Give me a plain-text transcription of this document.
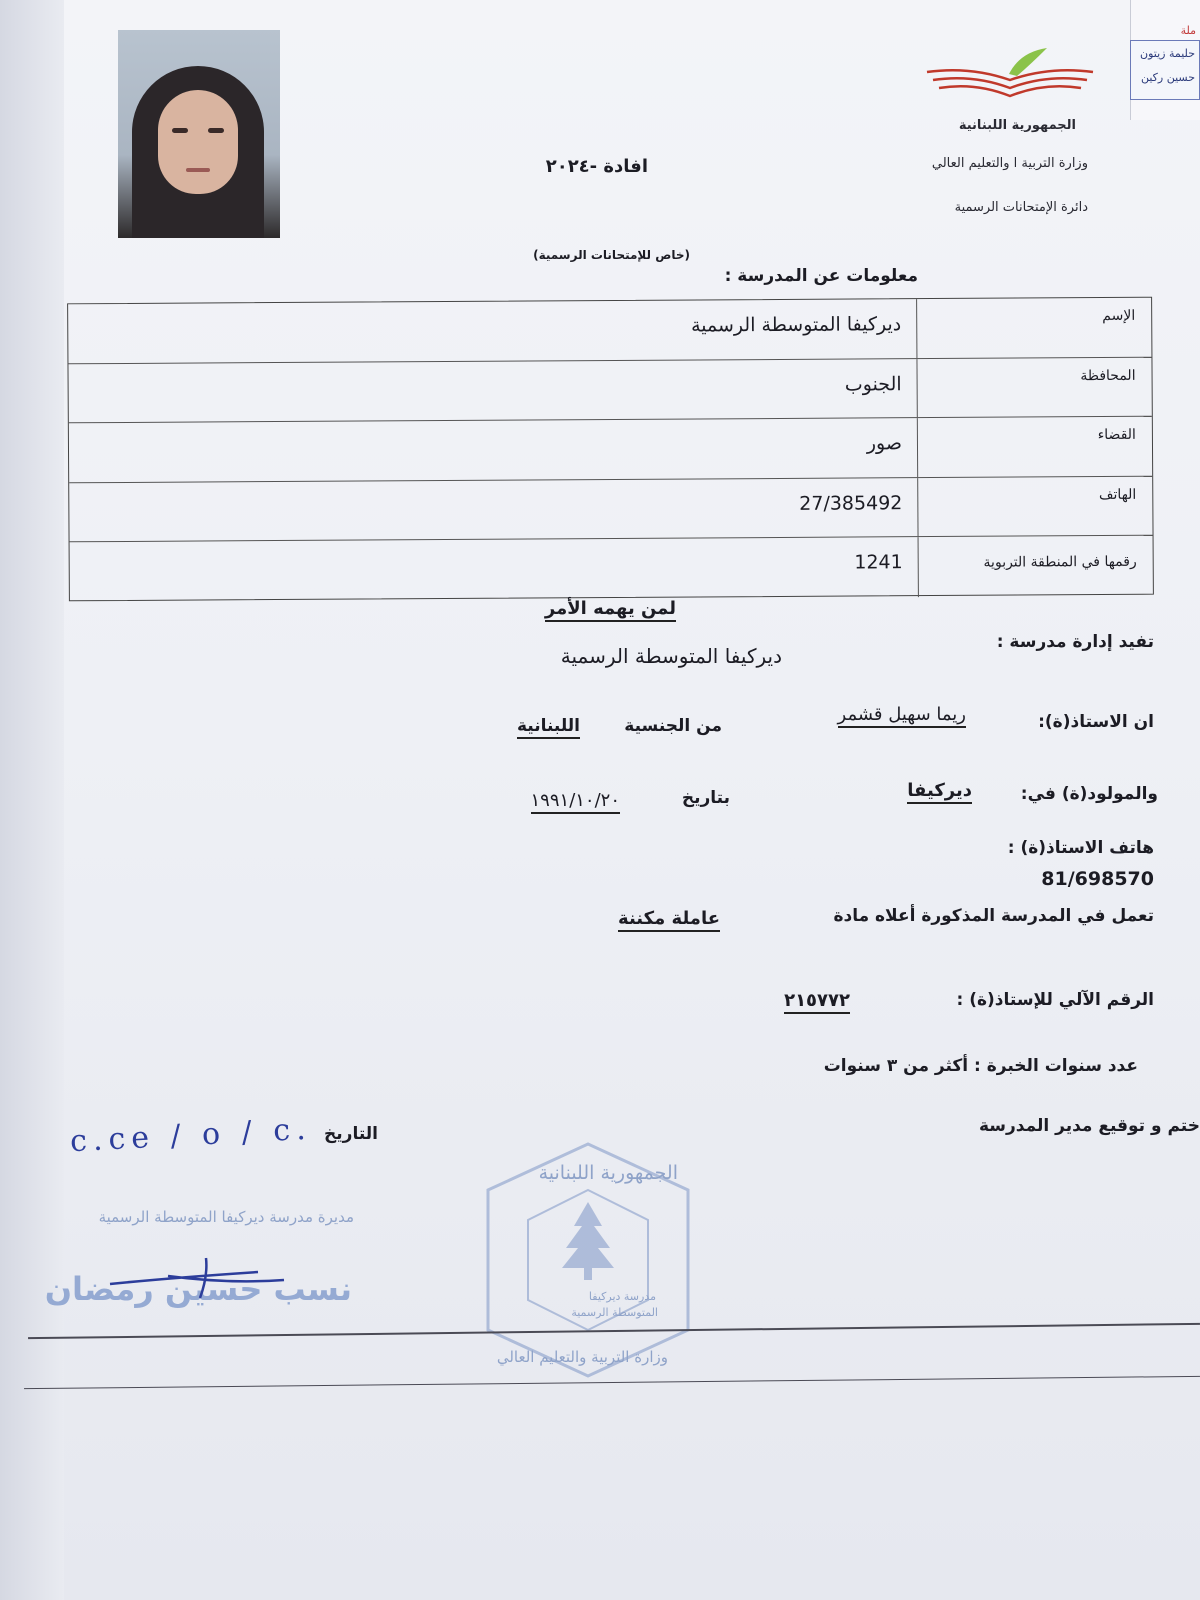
ملة
حليمة زيتون
حسين ركين
الجمهورية اللبنانية
وزارة التربية ا والتعليم العالي
دائرة الإمتحانات الرسمية
افادة -٢٠٢٤
(خاص للإمتحانات الرسمية)
معلومات عن المدرسة :
الإسم
ديركيفا المتوسطة الرسمية
المحافظة
الجنوب
القضاء
صور
الهاتف
27/385492
رقمها في المنطقة التربوية
1241
لمن يهمه الأمر
تفيد إدارة مدرسة :
ديركيفا المتوسطة الرسمية
ان الاستاذ(ة):
ريما سهيل قشمر
من الجنسية
اللبنانية
والمولود(ة) في:
ديركيفا
بتاريخ
١٩٩١/١٠/٢٠
هاتف الاستاذ(ة) :
81/698570
تعمل في المدرسة المذكورة أعلاه مادة
عاملة مكننة
الرقم الآلي للإستاذ(ة) :
٢١٥٧٧٢
عدد سنوات الخبرة : أكثر من ٣ سنوات
ختم و توقيع مدير المدرسة
التاريخ
c.ce / o / c.
مديرة مدرسة ديركيفا المتوسطة الرسمية
نسب حسين رمضان
الجمهورية اللبنانية
مدرسة ديركيفا
المتوسطة الرسمية
وزارة التربية والتعليم العالي
